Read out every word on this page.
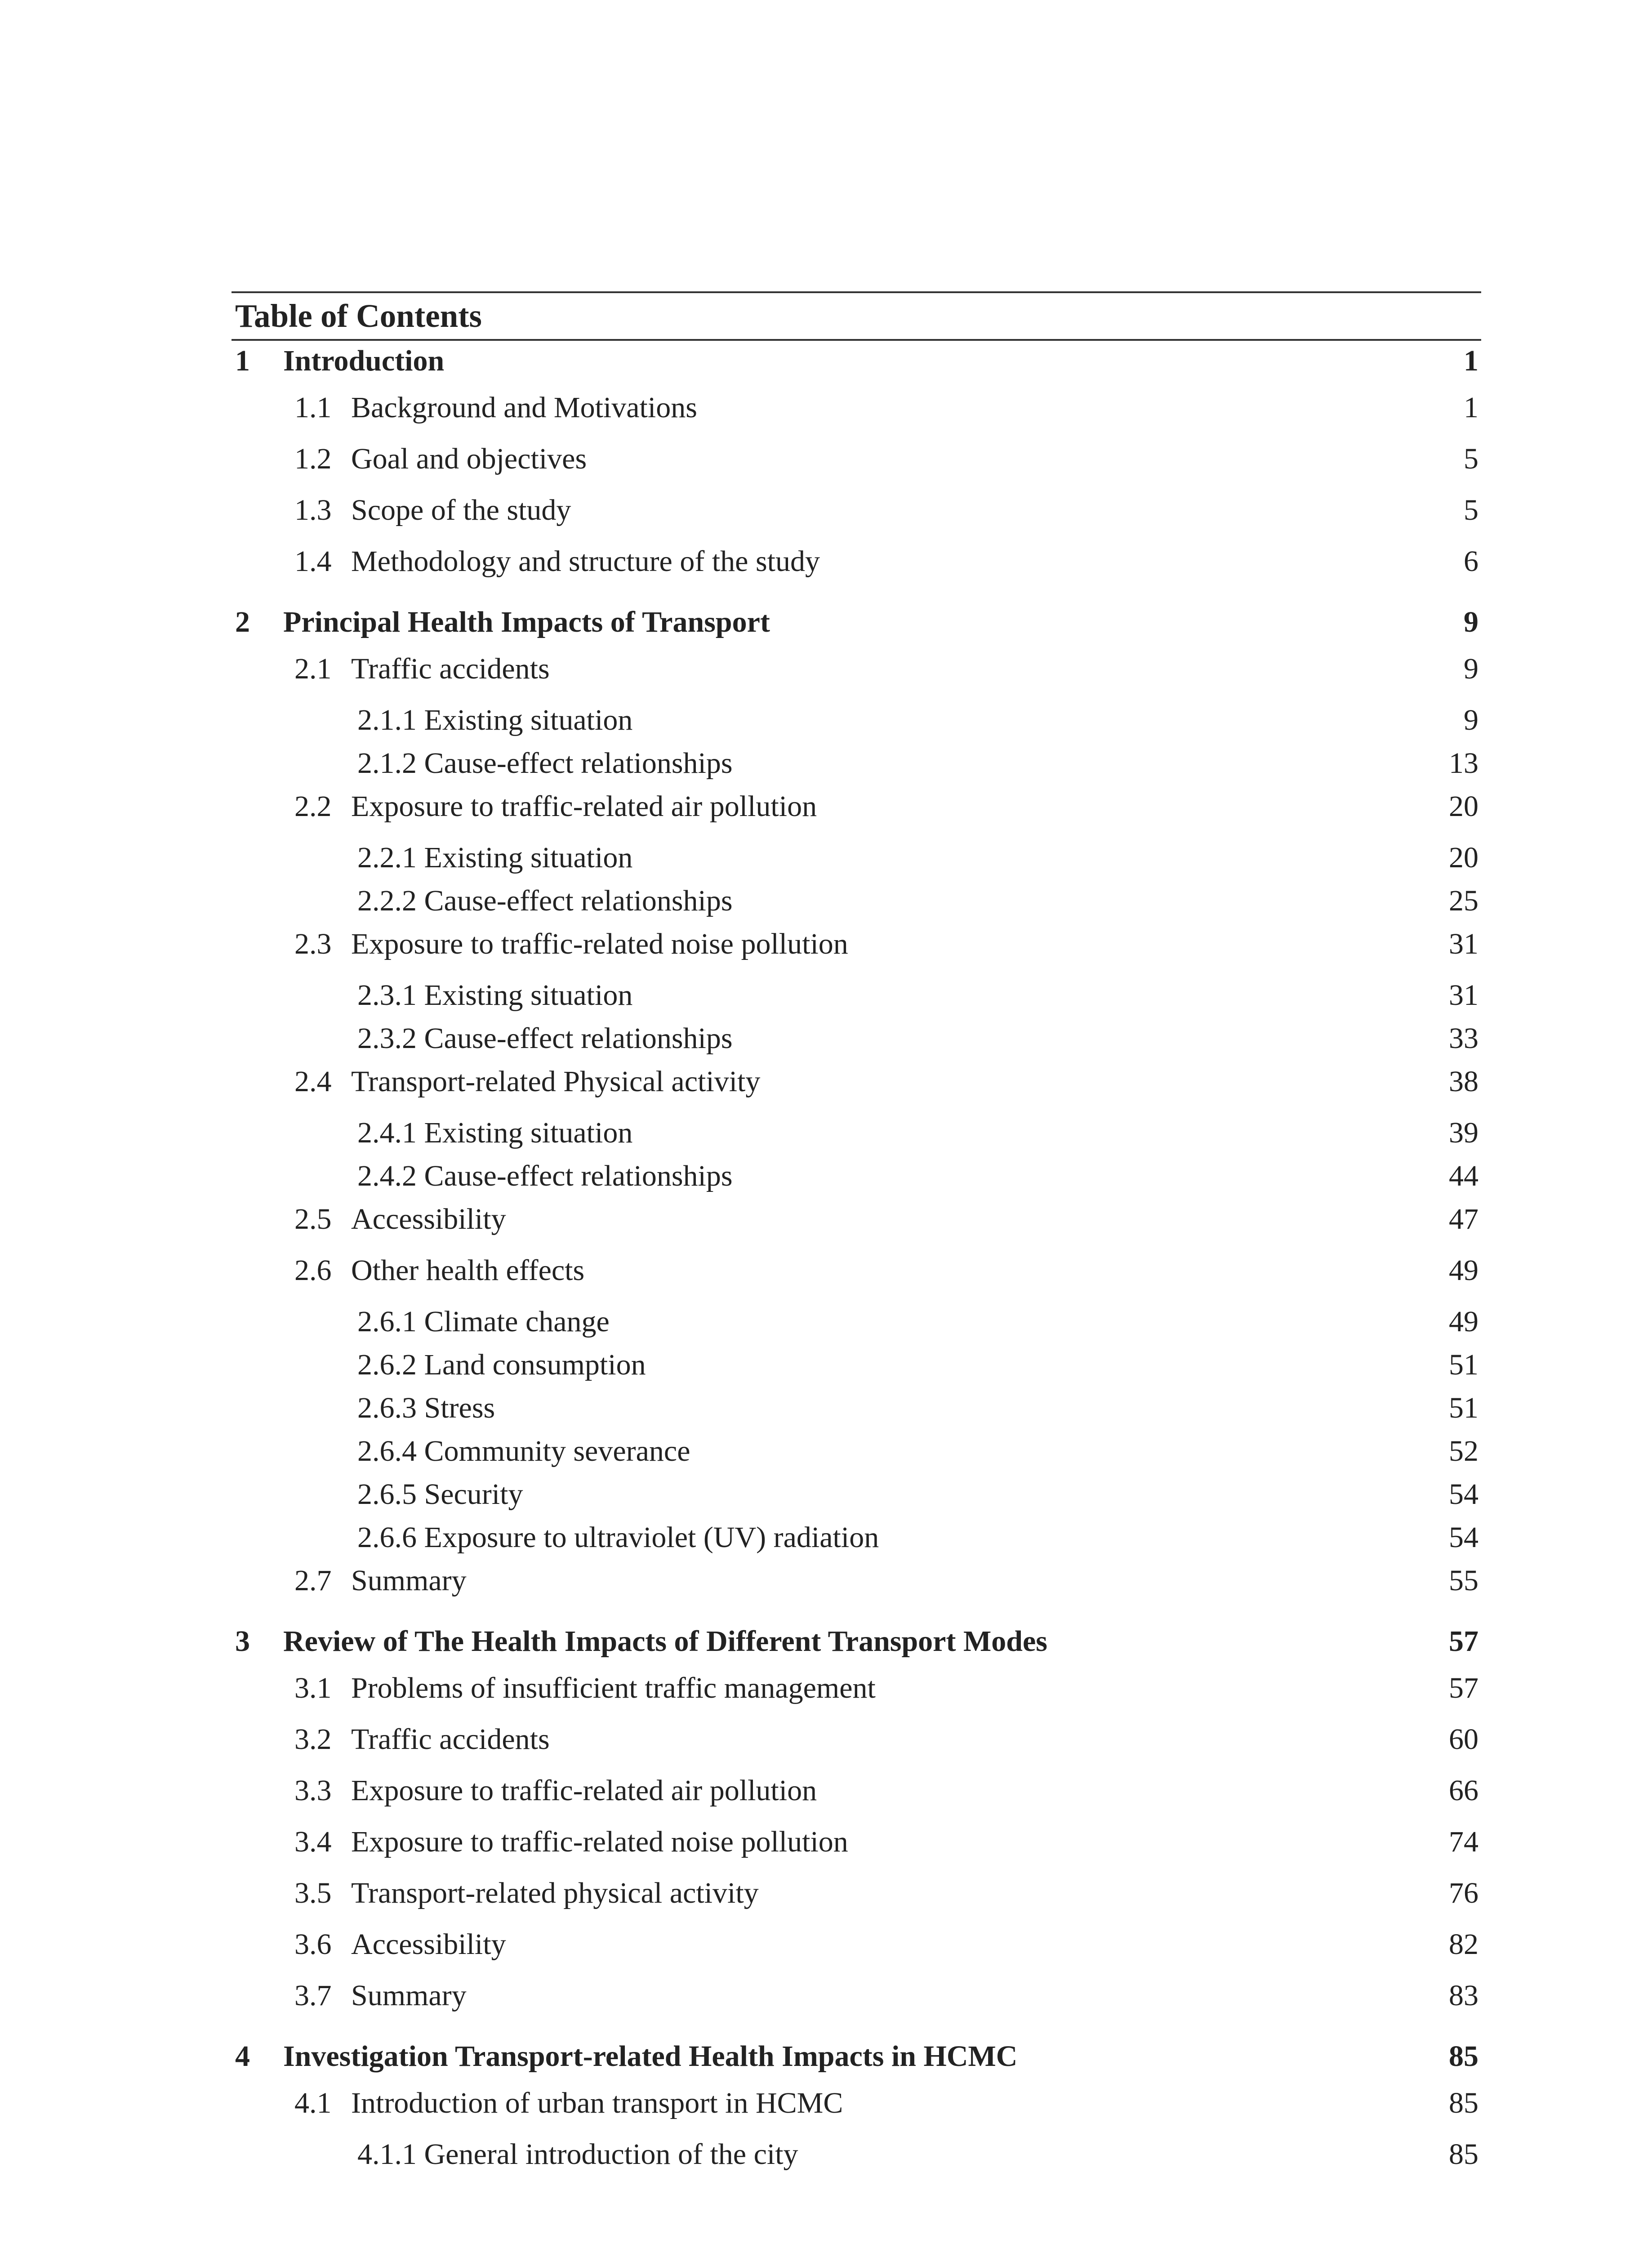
Table of Contents
1 Introduction	1
1.1 Background and Motivations	1
1.2 Goal and objectives	5
1.3 Scope of the study	5
1.4 Methodology and structure of the study	6
2 Principal Health Impacts of Transport	9
2.1 Traffic accidents	9
2.1.1 Existing situation	9
2.1.2 Cause-effect relationships	13
2.2 Exposure to traffic-related air pollution	20
2.2.1 Existing situation	20
2.2.2 Cause-effect relationships	25
2.3 Exposure to traffic-related noise pollution	31
2.3.1 Existing situation	31
2.3.2 Cause-effect relationships	33
2.4 Transport-related Physical activity	38
2.4.1 Existing situation	39
2.4.2 Cause-effect relationships	44
2.5 Accessibility	47
2.6 Other health effects	49
2.6.1 Climate change	49
2.6.2 Land consumption	51
2.6.3 Stress	51
2.6.4 Community severance	52
2.6.5 Security	54
2.6.6 Exposure to ultraviolet (UV) radiation	54
2.7 Summary	55
3 Review of The Health Impacts of Different Transport Modes	57
3.1 Problems of insufficient traffic management	57
3.2 Traffic accidents	60
3.3 Exposure to traffic-related air pollution	66
3.4 Exposure to traffic-related noise pollution	74
3.5 Transport-related physical activity	76
3.6 Accessibility	82
3.7 Summary	83
4 Investigation Transport-related Health Impacts in HCMC	85
4.1 Introduction of urban transport in HCMC	85
4.1.1 General introduction of the city	85
